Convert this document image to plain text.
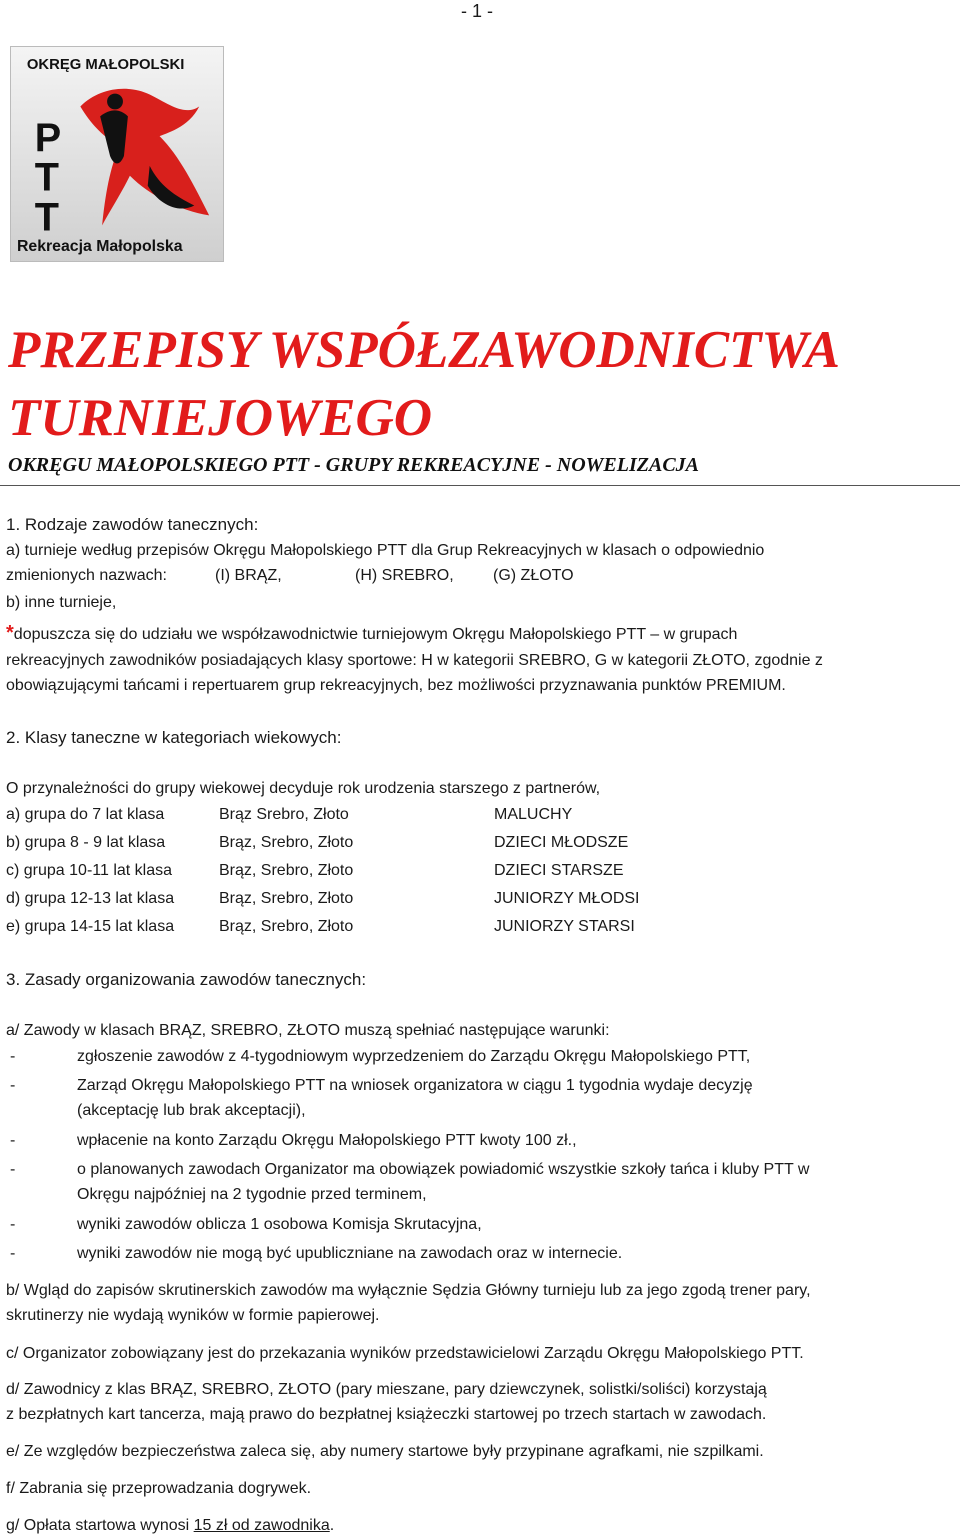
- 1 -
OKRĘG MAŁOPOLSKI
P
T
T
Rekreacja Małopolska
PRZEPISY WSPÓŁZAWODNICTWA
TURNIEJOWEGO
OKRĘGU MAŁOPOLSKIEGO PTT - GRUPY REKREACYJNE - NOWELIZACJA
1. Rodzaje zawodów tanecznych:
a) turnieje według przepisów Okręgu Małopolskiego PTT dla Grup Rekreacyjnych w klasach o odpowiednio
zmienionych nazwach:	(I) BRĄZ,	(H) SREBRO, (G) ZŁOTO
b) inne turnieje,
*dopuszcza się do udziału we współzawodnictwie turniejowym Okręgu Małopolskiego PTT – w grupach
rekreacyjnych zawodników posiadających klasy sportowe: H w kategorii SREBRO, G w kategorii ZŁOTO, zgodnie z
obowiązującymi tańcami i repertuarem grup rekreacyjnych, bez możliwości przyznawania punktów PREMIUM.
2. Klasy taneczne w kategoriach wiekowych:
O przynależności do grupy wiekowej decyduje rok urodzenia starszego z partnerów,
a) grupa do 7 lat klasa	Brąz Srebro, Złoto	MALUCHY
b) grupa 8 - 9 lat klasa	Brąz, Srebro, Złoto	DZIECI MŁODSZE
c) grupa 10-11 lat klasa	Brąz, Srebro, Złoto	DZIECI STARSZE
d) grupa 12-13 lat klasa	Brąz, Srebro, Złoto	JUNIORZY MŁODSI
e) grupa 14-15 lat klasa	Brąz, Srebro, Złoto	JUNIORZY STARSI
3. Zasady organizowania zawodów tanecznych:
a/ Zawody w klasach BRĄZ, SREBRO, ZŁOTO muszą spełniać następujące warunki:
-	zgłoszenie zawodów z 4-tygodniowym wyprzedzeniem do Zarządu Okręgu Małopolskiego PTT,
-	Zarząd Okręgu Małopolskiego PTT na wniosek organizatora w ciągu 1 tygodnia wydaje decyzję
(akceptację lub brak akceptacji),
-	wpłacenie na konto Zarządu Okręgu Małopolskiego PTT kwoty 100 zł.,
-	o planowanych zawodach Organizator ma obowiązek powiadomić wszystkie szkoły tańca i kluby PTT w
Okręgu najpóźniej na 2 tygodnie przed terminem,
-	wyniki zawodów oblicza 1 osobowa Komisja Skrutacyjna,
-	wyniki zawodów nie mogą być upubliczniane na zawodach oraz w internecie.
b/ Wgląd do zapisów skrutinerskich zawodów ma wyłącznie Sędzia Główny turnieju lub za jego zgodą trener pary,
skrutinerzy nie wydają wyników w formie papierowej.
c/ Organizator zobowiązany jest do przekazania wyników przedstawicielowi Zarządu Okręgu Małopolskiego PTT.
d/ Zawodnicy z klas BRĄZ, SREBRO, ZŁOTO (pary mieszane, pary dziewczynek, solistki/soliści) korzystają
z bezpłatnych kart tancerza, mają prawo do bezpłatnej książeczki startowej po trzech startach w zawodach.
e/ Ze względów bezpieczeństwa zaleca się, aby numery startowe były przypinane agrafkami, nie szpilkami.
f/ Zabrania się przeprowadzania dogrywek.
g/ Opłata startowa wynosi 15 zł od zawodnika.
